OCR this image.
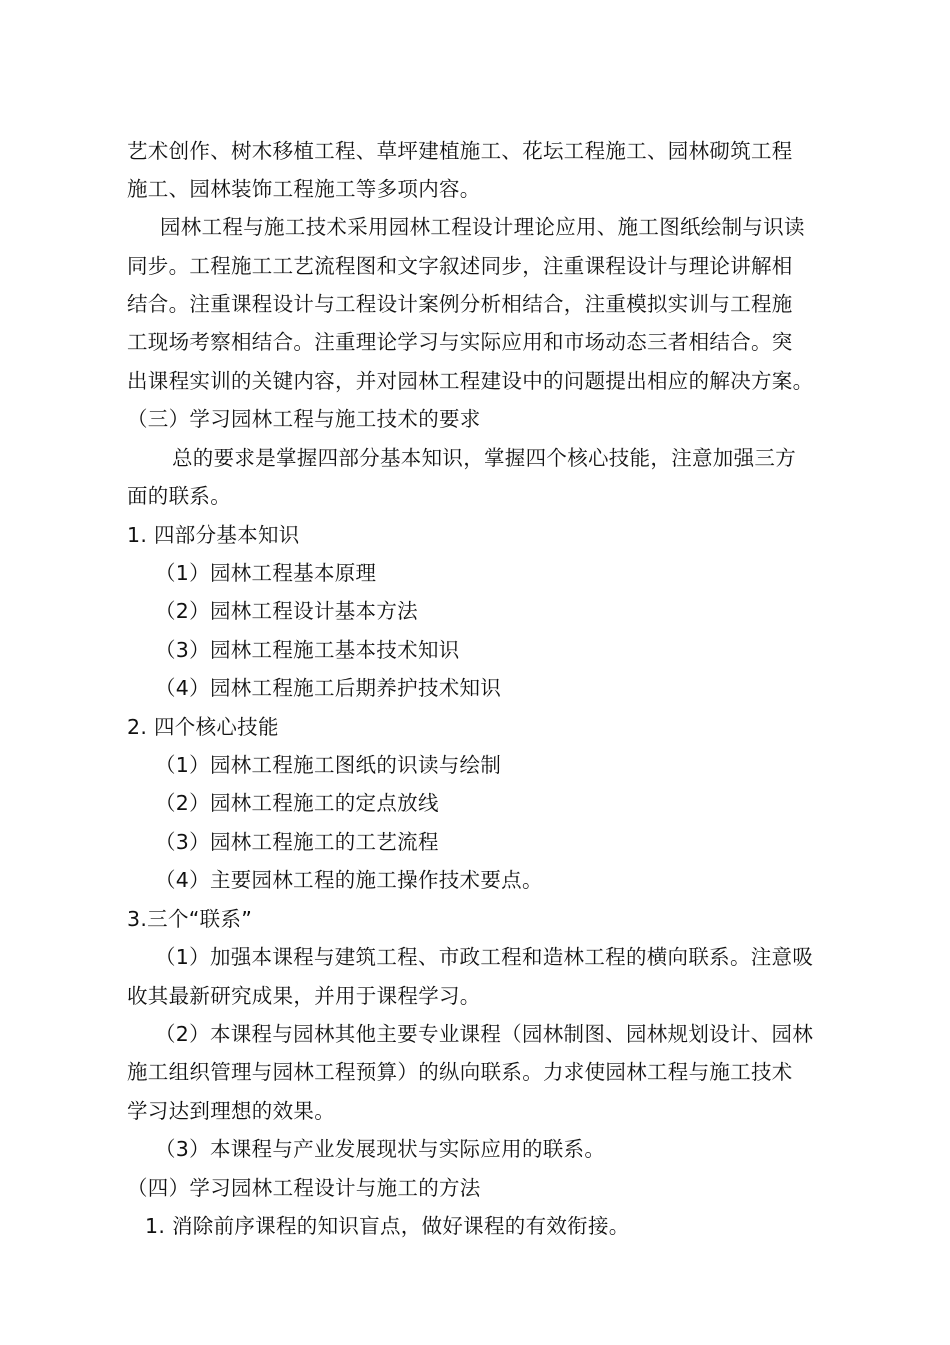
艺术创作、树木移植工程、草坪建植施工、花坛工程施工、园林砌筑工程
施工、园林装饰工程施工等多项内容。
园林工程与施工技术采用园林工程设计理论应用、施工图纸绘制与识读
同步。工程施工工艺流程图和文字叙述同步，注重课程设计与理论讲解相
结合。注重课程设计与工程设计案例分析相结合，注重模拟实训与工程施
工现场考察相结合。注重理论学习与实际应用和市场动态三者相结合。突
出课程实训的关键内容，并对园林工程建设中的问题提出相应的解决方案。
（三）学习园林工程与施工技术的要求
总的要求是掌握四部分基本知识，掌握四个核心技能，注意加强三方
面的联系。
1. 四部分基本知识
（1）园林工程基本原理
（2）园林工程设计基本方法
（3）园林工程施工基本技术知识
（4）园林工程施工后期养护技术知识
2. 四个核心技能
（1）园林工程施工图纸的识读与绘制
（2）园林工程施工的定点放线
（3）园林工程施工的工艺流程
（4）主要园林工程的施工操作技术要点。
3.三个“联系”
（1）加强本课程与建筑工程、市政工程和造林工程的横向联系。注意吸
收其最新研究成果，并用于课程学习。
（2）本课程与园林其他主要专业课程（园林制图、园林规划设计、园林
施工组织管理与园林工程预算）的纵向联系。力求使园林工程与施工技术
学习达到理想的效果。
（3）本课程与产业发展现状与实际应用的联系。
（四）学习园林工程设计与施工的方法
1. 消除前序课程的知识盲点，做好课程的有效衔接。
